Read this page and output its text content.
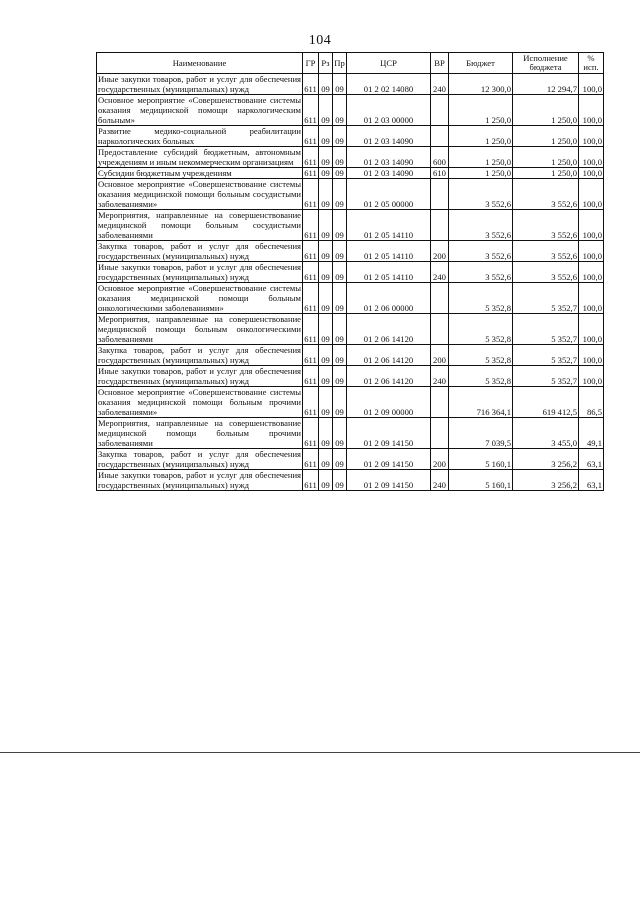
104
Наименование	ГР	Рз	Пр	ЦСР	ВР	Бюджет	Исполнение бюджета	% исп.
Иные закупки товаров, работ и услуг для обеспечения государственных (муниципальных) нужд	611	09	09	01 2 02 14080	240	12 300,0	12 294,7	100,0
Основное мероприятие «Совершенствование системы оказания медицинской помощи наркологическим больным»	611	09	09	01 2 03 00000		1 250,0	1 250,0	100,0
Развитие медико-социальной реабилитации наркологических больных	611	09	09	01 2 03 14090		1 250,0	1 250,0	100,0
Предоставление субсидий бюджетным, автономным учреждениям и иным некоммерческим организациям	611	09	09	01 2 03 14090	600	1 250,0	1 250,0	100,0
Субсидии бюджетным учреждениям	611	09	09	01 2 03 14090	610	1 250,0	1 250,0	100,0
Основное мероприятие «Совершенствование системы оказания медицинской помощи больным сосудистыми заболеваниями»	611	09	09	01 2 05 00000		3 552,6	3 552,6	100,0
Мероприятия, направленные на совершенствование медицинской помощи больным сосудистыми заболеваниями	611	09	09	01 2 05 14110		3 552,6	3 552,6	100,0
Закупка товаров, работ и услуг для обеспечения государственных (муниципальных) нужд	611	09	09	01 2 05 14110	200	3 552,6	3 552,6	100,0
Иные закупки товаров, работ и услуг для обеспечения государственных (муниципальных) нужд	611	09	09	01 2 05 14110	240	3 552,6	3 552,6	100,0
Основное мероприятие «Совершенствование системы оказания медицинской помощи больным онкологическими заболеваниями»	611	09	09	01 2 06 00000		5 352,8	5 352,7	100,0
Мероприятия, направленные на совершенствование медицинской помощи больным онкологическими заболеваниями	611	09	09	01 2 06 14120		5 352,8	5 352,7	100,0
Закупка товаров, работ и услуг для обеспечения государственных (муниципальных) нужд	611	09	09	01 2 06 14120	200	5 352,8	5 352,7	100,0
Иные закупки товаров, работ и услуг для обеспечения государственных (муниципальных) нужд	611	09	09	01 2 06 14120	240	5 352,8	5 352,7	100,0
Основное мероприятие «Совершенствование системы оказания медицинской помощи больным прочими заболеваниями»	611	09	09	01 2 09 00000		716 364,1	619 412,5	86,5
Мероприятия, направленные на совершенствование медицинской помощи больным прочими заболеваниями	611	09	09	01 2 09 14150		7 039,5	3 455,0	49,1
Закупка товаров, работ и услуг для обеспечения государственных (муниципальных) нужд	611	09	09	01 2 09 14150	200	5 160,1	3 256,2	63,1
Иные закупки товаров, работ и услуг для обеспечения государственных (муниципальных) нужд	611	09	09	01 2 09 14150	240	5 160,1	3 256,2	63,1
